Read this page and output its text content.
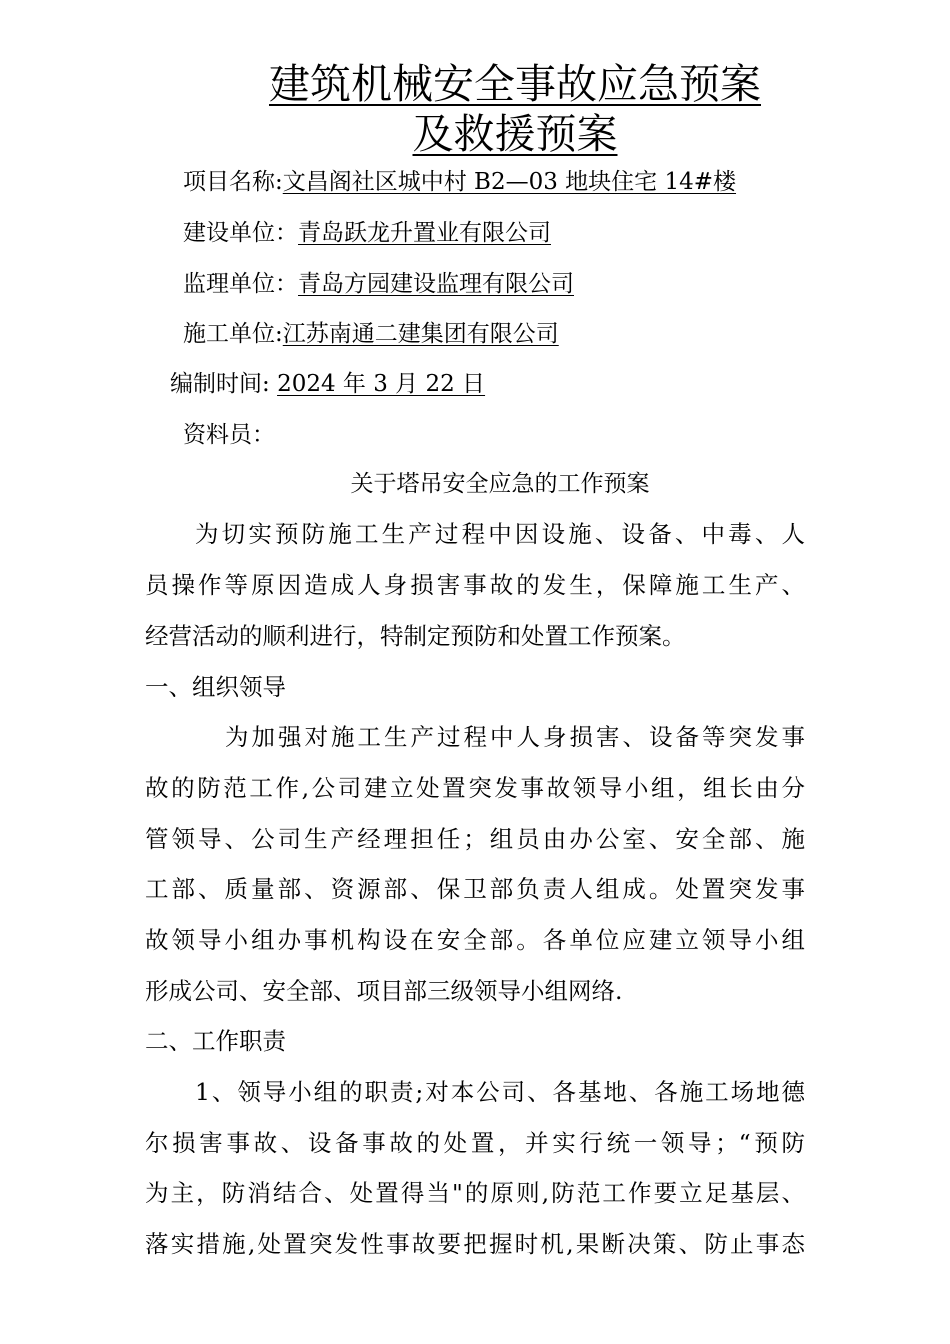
建筑机械安全事故应急预案
及救援预案
项目名称:文昌阁社区城中村 B2—03 地块住宅 14#楼
建设单位：青岛跃龙升置业有限公司
监理单位：青岛方园建设监理有限公司
施工单位:江苏南通二建集团有限公司
编制时间: 2024 年 3 月 22 日
资料员：
关于塔吊安全应急的工作预案
为切实预防施工生产过程中因设施、设备、中毒、人
员操作等原因造成人身损害事故的发生，保障施工生产、
经营活动的顺利进行，特制定预防和处置工作预案。
一、组织领导
为加强对施工生产过程中人身损害、设备等突发事
故的防范工作,公司建立处置突发事故领导小组，组长由分
管领导、公司生产经理担任；组员由办公室、安全部、施
工部、质量部、资源部、保卫部负责人组成。处置突发事
故领导小组办事机构设在安全部。各单位应建立领导小组
形成公司、安全部、项目部三级领导小组网络.
二、工作职责
1、领导小组的职责;对本公司、各基地、各施工场地德
尔损害事故、设备事故的处置，并实行统一领导；“预防
为主，防消结合、处置得当"的原则,防范工作要立足基层、
落实措施,处置突发性事故要把握时机,果断决策、防止事态
